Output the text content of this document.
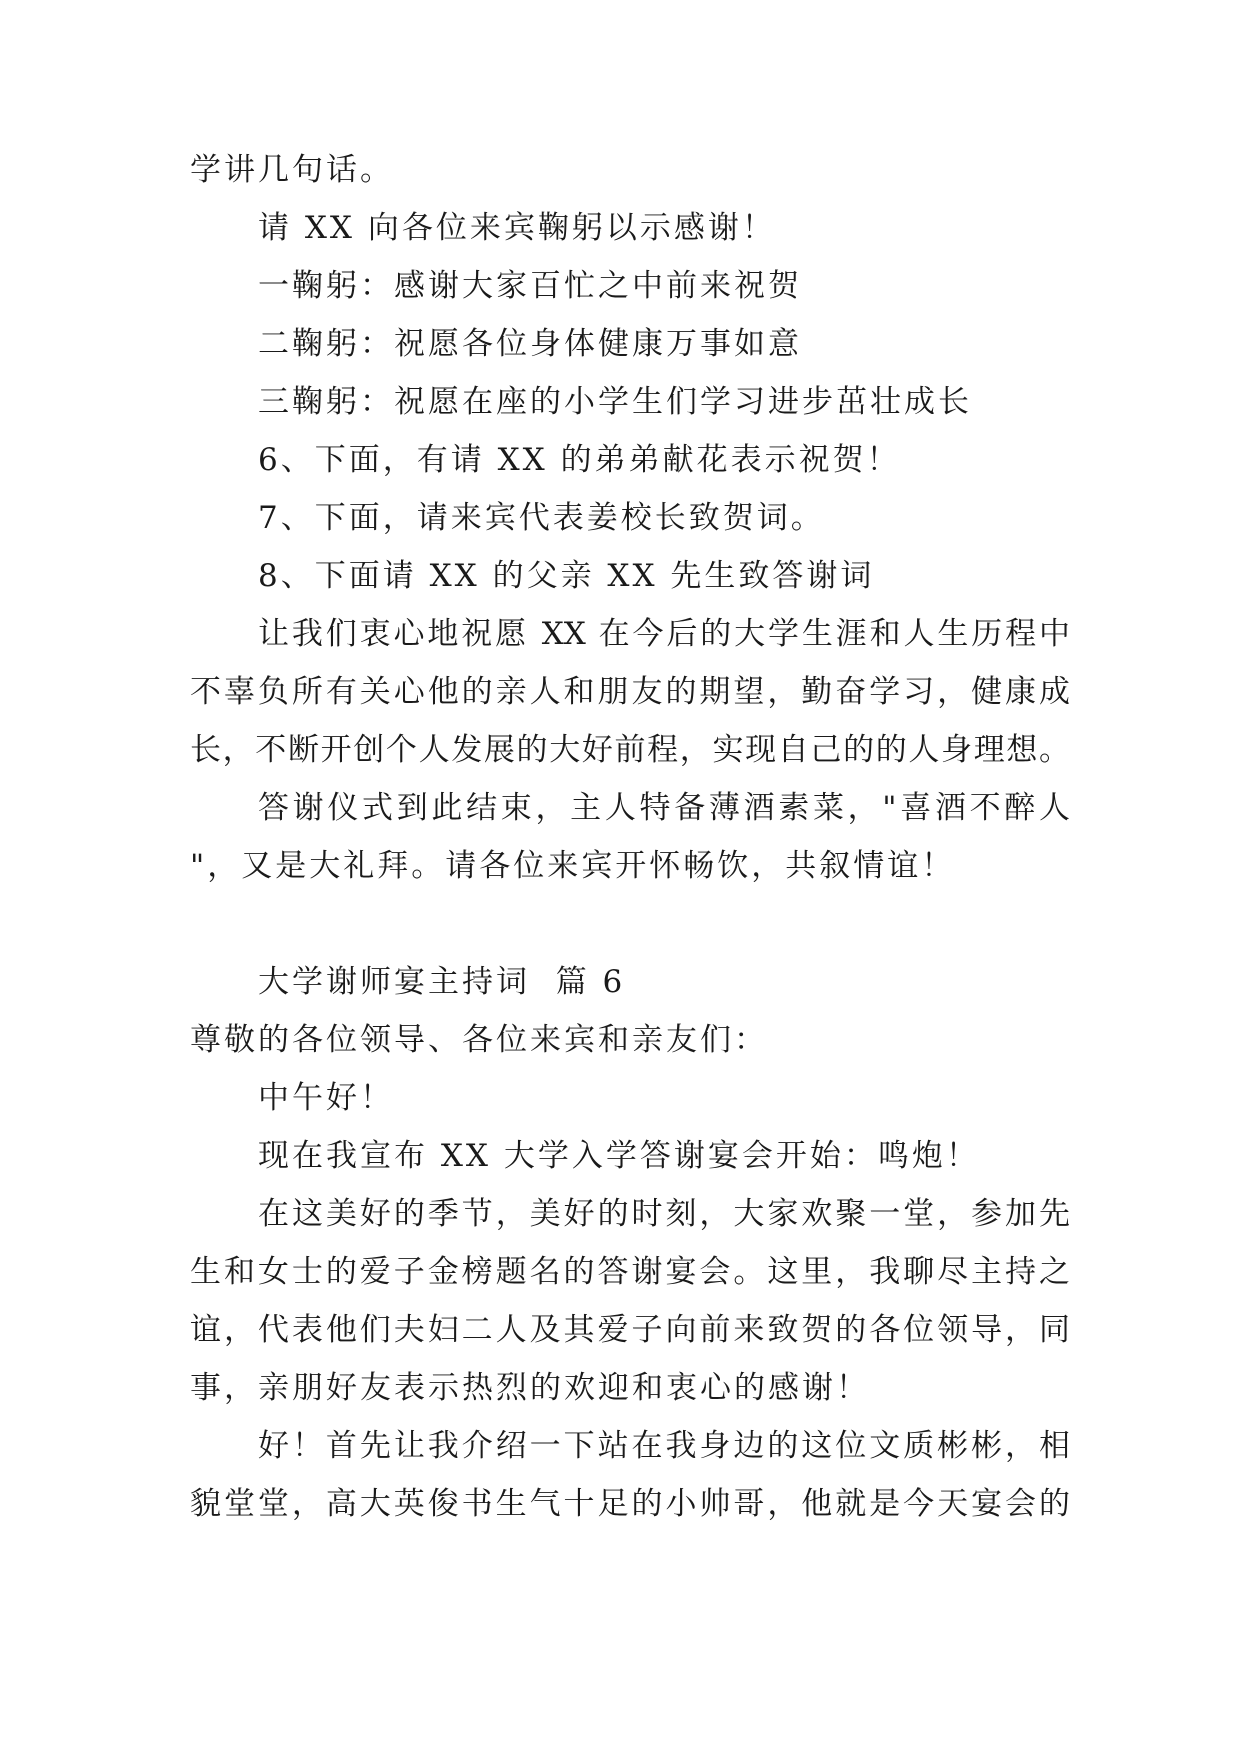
学讲几句话。
请 XX 向各位来宾鞠躬以示感谢！
一鞠躬：感谢大家百忙之中前来祝贺
二鞠躬：祝愿各位身体健康万事如意
三鞠躬：祝愿在座的小学生们学习进步茁壮成长
6、下面，有请 XX 的弟弟献花表示祝贺！
7、下面，请来宾代表姜校长致贺词。
8、下面请 XX 的父亲 XX 先生致答谢词
让我们衷心地祝愿 XX 在今后的大学生涯和人生历程中
不辜负所有关心他的亲人和朋友的期望，勤奋学习，健康成
长，不断开创个人发展的大好前程，实现自己的的人身理想。
答谢仪式到此结束，主人特备薄酒素菜，"喜酒不醉人
"，又是大礼拜。请各位来宾开怀畅饮，共叙情谊！
大学谢师宴主持词  篇 6
尊敬的各位领导、各位来宾和亲友们：
中午好！
现在我宣布 XX 大学入学答谢宴会开始：鸣炮！
在这美好的季节，美好的时刻，大家欢聚一堂，参加先
生和女士的爱子金榜题名的答谢宴会。这里，我聊尽主持之
谊，代表他们夫妇二人及其爱子向前来致贺的各位领导，同
事，亲朋好友表示热烈的欢迎和衷心的感谢！
好！首先让我介绍一下站在我身边的这位文质彬彬，相
貌堂堂，高大英俊书生气十足的小帅哥，他就是今天宴会的
